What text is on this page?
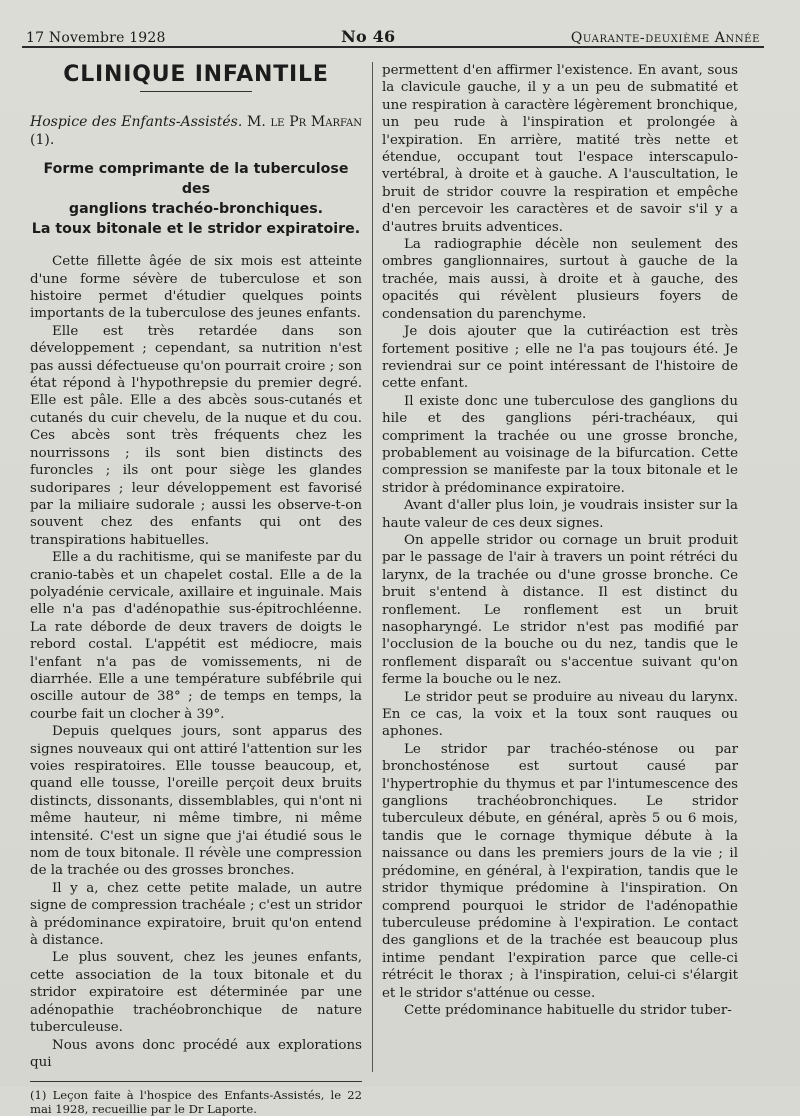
17 Novembre 1928	No 46	Quarante-deuxième Année
CLINIQUE INFANTILE

Hospice des Enfants-Assistés. M. le Pr Marfan (1).

Forme comprimante de la tuberculose des
ganglions trachéo-bronchiques.
La toux bitonale et le stridor expiratoire.

Cette fillette âgée de six mois est atteinte d'une forme sévère de tuberculose et son histoire permet d'étudier quelques points importants de la tuberculose des jeunes enfants.

Elle est très retardée dans son développement ; cependant, sa nutrition n'est pas aussi défectueuse qu'on pourrait croire ; son état répond à l'hypothrepsie du premier degré. Elle est pâle. Elle a des abcès sous-cutanés et cutanés du cuir chevelu, de la nuque et du cou. Ces abcès sont très fréquents chez les nourrissons ; ils sont bien distincts des furoncles ; ils ont pour siège les glandes sudoripares ; leur développement est favorisé par la miliaire sudorale ; aussi les observe-t-on souvent chez des enfants qui ont des transpirations habituelles.

Elle a du rachitisme, qui se manifeste par du cranio-tabès et un chapelet costal. Elle a de la polyadénie cervicale, axillaire et inguinale. Mais elle n'a pas d'adénopathie sus-épitrochléenne. La rate déborde de deux travers de doigts le rebord costal. L'appétit est médiocre, mais l'enfant n'a pas de vomissements, ni de diarrhée. Elle a une température subfébrile qui oscille autour de 38° ; de temps en temps, la courbe fait un clocher à 39°.

Depuis quelques jours, sont apparus des signes nouveaux qui ont attiré l'attention sur les voies respiratoires. Elle tousse beaucoup, et, quand elle tousse, l'oreille perçoit deux bruits distincts, dissonants, dissemblables, qui n'ont ni même hauteur, ni même timbre, ni même intensité. C'est un signe que j'ai étudié sous le nom de toux bitonale. Il révèle une compression de la trachée ou des grosses bronches.

Il y a, chez cette petite malade, un autre signe de compression trachéale ; c'est un stridor à prédominance expiratoire, bruit qu'on entend à distance.

Le plus souvent, chez les jeunes enfants, cette association de la toux bitonale et du stridor expiratoire est déterminée par une adénopathie trachéobronchique de nature tuberculeuse.

Nous avons donc procédé aux explorations qui

(1) Leçon faite à l'hospice des Enfants-Assistés, le 22 mai 1928, recueillie par le Dr Laporte.

permettent d'en affirmer l'existence. En avant, sous la clavicule gauche, il y a un peu de submatité et une respiration à caractère légèrement bronchique, un peu rude à l'inspiration et prolongée à l'expiration. En arrière, matité très nette et étendue, occupant tout l'espace interscapulo-vertébral, à droite et à gauche. A l'auscultation, le bruit de stridor couvre la respiration et empêche d'en percevoir les caractères et de savoir s'il y a d'autres bruits adventices.

La radiographie décèle non seulement des ombres ganglionnaires, surtout à gauche de la trachée, mais aussi, à droite et à gauche, des opacités qui révèlent plusieurs foyers de condensation du parenchyme.

Je dois ajouter que la cutiréaction est très fortement positive ; elle ne l'a pas toujours été. Je reviendrai sur ce point intéressant de l'histoire de cette enfant.

Il existe donc une tuberculose des ganglions du hile et des ganglions péri-trachéaux, qui compriment la trachée ou une grosse bronche, probablement au voisinage de la bifurcation. Cette compression se manifeste par la toux bitonale et le stridor à prédominance expiratoire.

Avant d'aller plus loin, je voudrais insister sur la haute valeur de ces deux signes.

On appelle stridor ou cornage un bruit produit par le passage de l'air à travers un point rétréci du larynx, de la trachée ou d'une grosse bronche. Ce bruit s'entend à distance. Il est distinct du ronflement. Le ronflement est un bruit nasopharyngé. Le stridor n'est pas modifié par l'occlusion de la bouche ou du nez, tandis que le ronflement disparaît ou s'accentue suivant qu'on ferme la bouche ou le nez.

Le stridor peut se produire au niveau du larynx. En ce cas, la voix et la toux sont rauques ou aphones.

Le stridor par trachéo-sténose ou par bronchosténose est surtout causé par l'hypertrophie du thymus et par l'intumescence des ganglions trachéobronchiques. Le stridor tuberculeux débute, en général, après 5 ou 6 mois, tandis que le cornage thymique débute à la naissance ou dans les premiers jours de la vie ; il prédomine, en général, à l'expiration, tandis que le stridor thymique prédomine à l'inspiration. On comprend pourquoi le stridor de l'adénopathie tuberculeuse prédomine à l'expiration. Le contact des ganglions et de la trachée est beaucoup plus intime pendant l'expiration parce que celle-ci rétrécit le thorax ; à l'inspiration, celui-ci s'élargit et le stridor s'atténue ou cesse.

Cette prédominance habituelle du stridor tuber-
